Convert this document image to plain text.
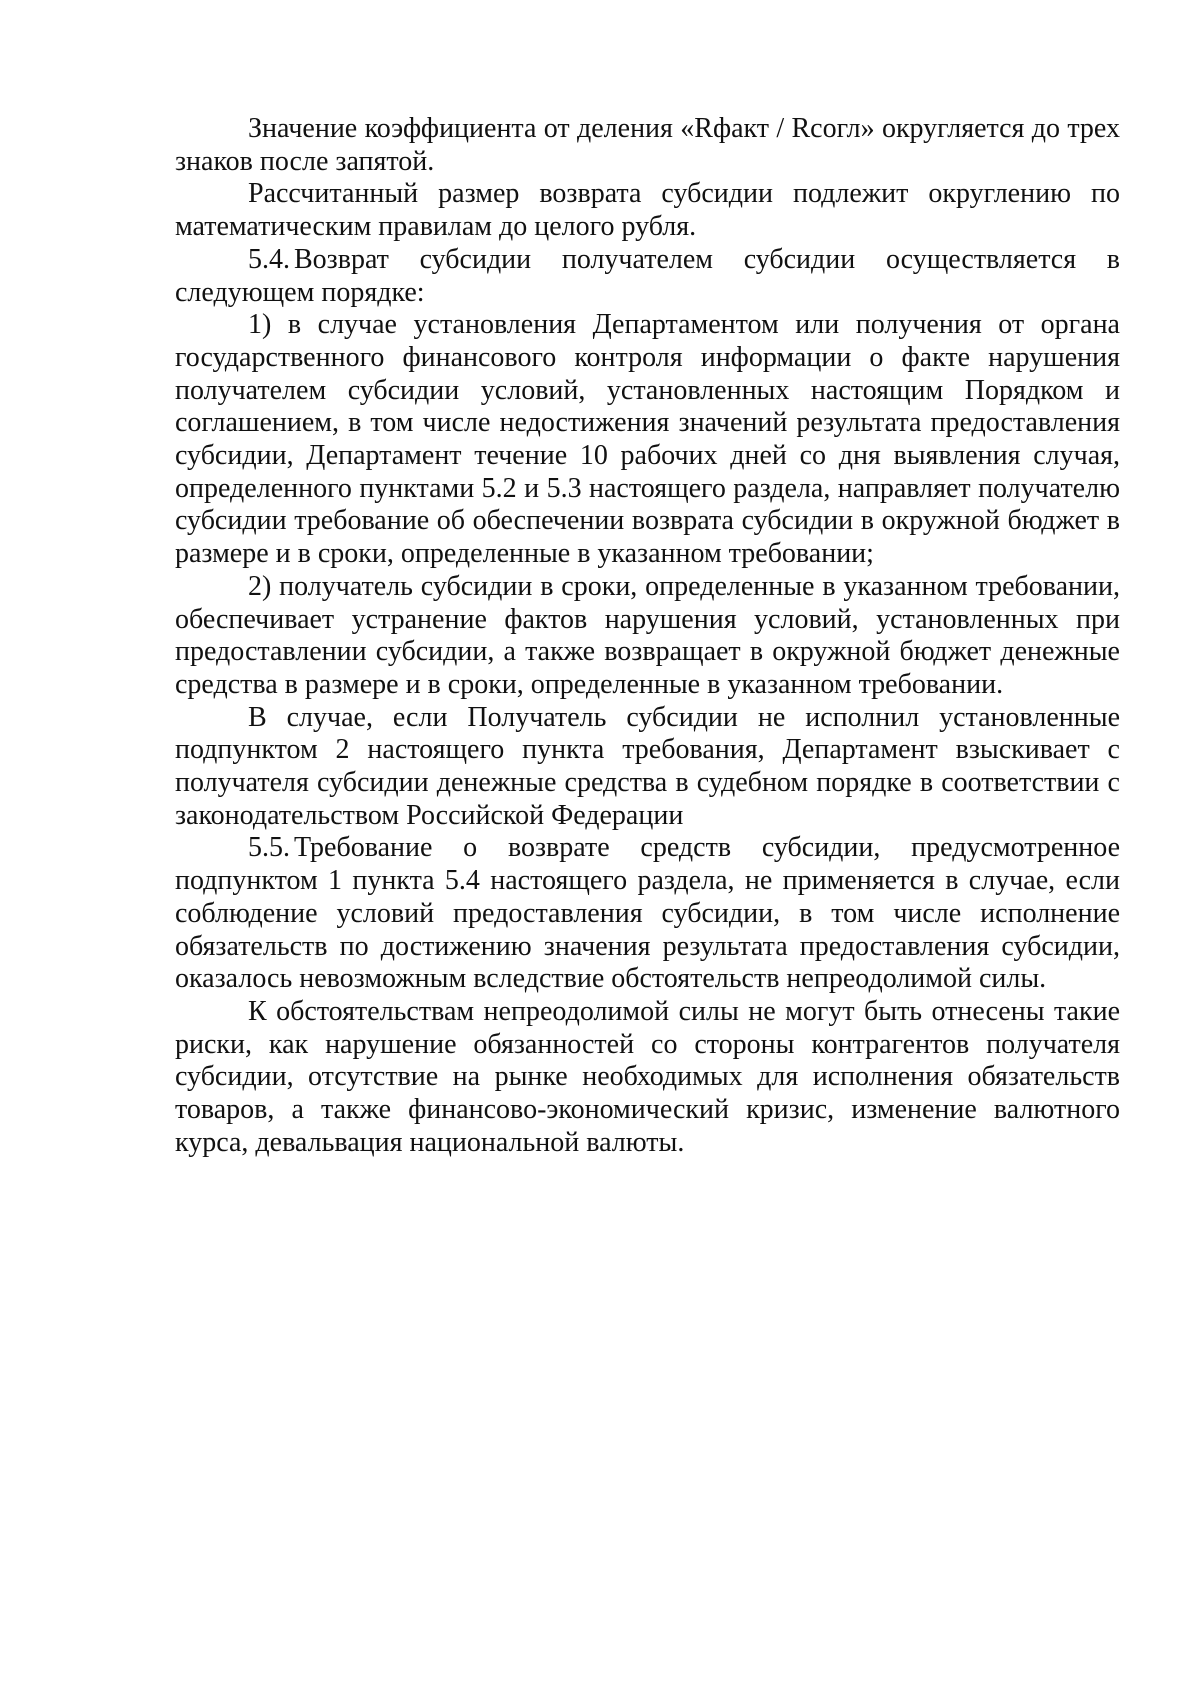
Значение коэффициента от деления «Rфакт / Rсогл» округляется до трех знаков после запятой.

Рассчитанный размер возврата субсидии подлежит округлению по математическим правилам до целого рубля.

5.4. Возврат субсидии получателем субсидии осуществляется в следующем порядке:

1) в случае установления Департаментом или получения от органа государственного финансового контроля информации о факте нарушения получателем субсидии условий, установленных настоящим Порядком и соглашением, в том числе недостижения значений результата предоставления субсидии, Департамент течение 10 рабочих дней со дня выявления случая, определенного пунктами 5.2 и 5.3 настоящего раздела, направляет получателю субсидии требование об обеспечении возврата субсидии в окружной бюджет в размере и в сроки, определенные в указанном требовании;

2) получатель субсидии в сроки, определенные в указанном требовании, обеспечивает устранение фактов нарушения условий, установленных при предоставлении субсидии, а также возвращает в окружной бюджет денежные средства в размере и в сроки, определенные в указанном требовании.

В случае, если Получатель субсидии не исполнил установленные подпунктом 2 настоящего пункта требования, Департамент взыскивает с получателя субсидии денежные средства в судебном порядке в соответствии с законодательством Российской Федерации

5.5. Требование о возврате средств субсидии, предусмотренное подпунктом 1 пункта 5.4 настоящего раздела, не применяется в случае, если соблюдение условий предоставления субсидии, в том числе исполнение обязательств по достижению значения результата предоставления субсидии, оказалось невозможным вследствие обстоятельств непреодолимой силы.

К обстоятельствам непреодолимой силы не могут быть отнесены такие риски, как нарушение обязанностей со стороны контрагентов получателя субсидии, отсутствие на рынке необходимых для исполнения обязательств товаров, а также финансово-экономический кризис, изменение валютного курса, девальвация национальной валюты.
